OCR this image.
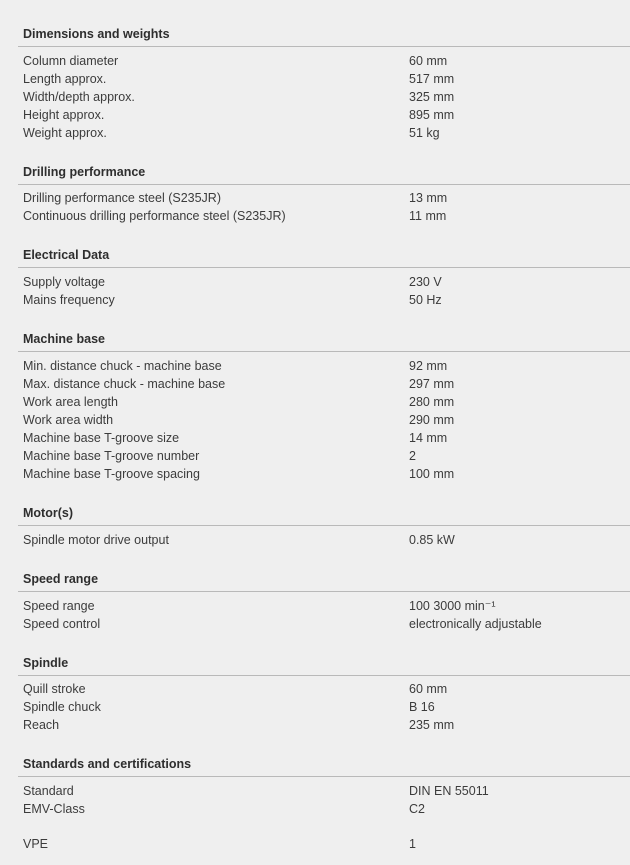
Dimensions and weights
Column diameter	60 mm
Length approx.	517 mm
Width/depth approx.	325 mm
Height approx.	895 mm
Weight approx.	51 kg
Drilling performance
Drilling performance steel (S235JR)	13 mm
Continuous drilling performance steel (S235JR)	11 mm
Electrical Data
Supply voltage	230 V
Mains frequency	50 Hz
Machine base
Min. distance chuck - machine base	92 mm
Max. distance chuck - machine base	297 mm
Work area length	280 mm
Work area width	290 mm
Machine base T-groove size	14 mm
Machine base T-groove number	2
Machine base T-groove spacing	100 mm
Motor(s)
Spindle motor drive output	0.85 kW
Speed range
Speed range	100 3000 min⁻¹
Speed control	electronically adjustable
Spindle
Quill stroke	60 mm
Spindle chuck	B 16
Reach	235 mm
Standards and certifications
Standard	DIN EN 55011
EMV-Class	C2
VPE	1
